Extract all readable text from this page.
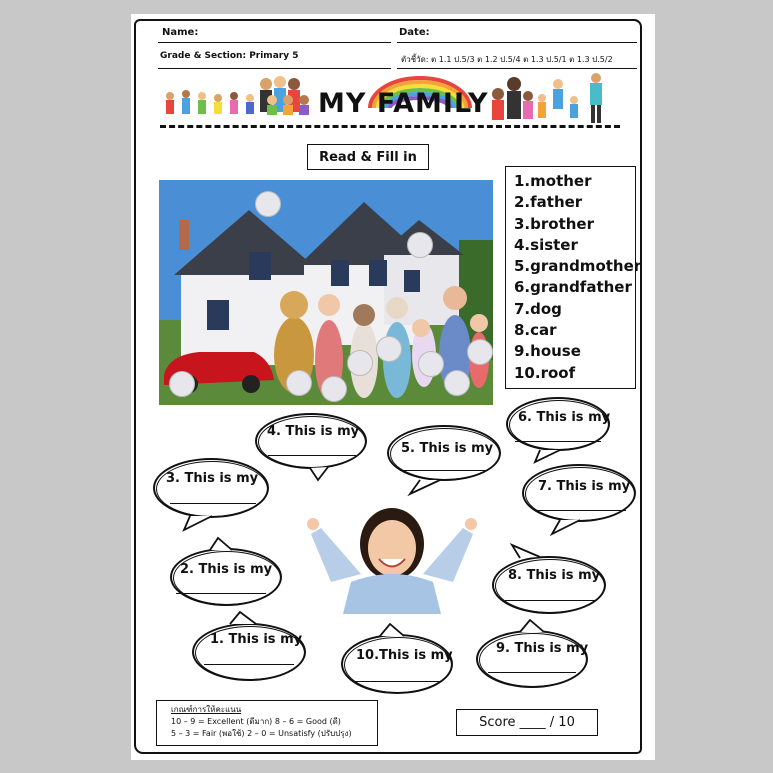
Name:	Date:
Grade & Section: Primary 5	ตัวชี้วัด: ต 1.1 ป.5/3 ต 1.2 ป.5/4 ต 1.3 ป.5/1 ต 1.3 ป.5/2
MY FAMILY
Read & Fill in
1.mother
2.father
3.brother
4.sister
5.grandmother
6.grandfather
7.dog
8.car
9.house
10.roof
4. This is my
5. This is my
6. This is my
3. This is my
7. This is my
2. This is my	8. This is my
1. This is my
10.This is my	9. This is my
เกณฑ์การให้คะแนน
10 – 9 = Excellent (ดีมาก) 8 – 6 = Good (ดี)
5 – 3 = Fair (พอใช้) 2 – 0 = Unsatisfy (ปรับปรุง)
Score ____ / 10
